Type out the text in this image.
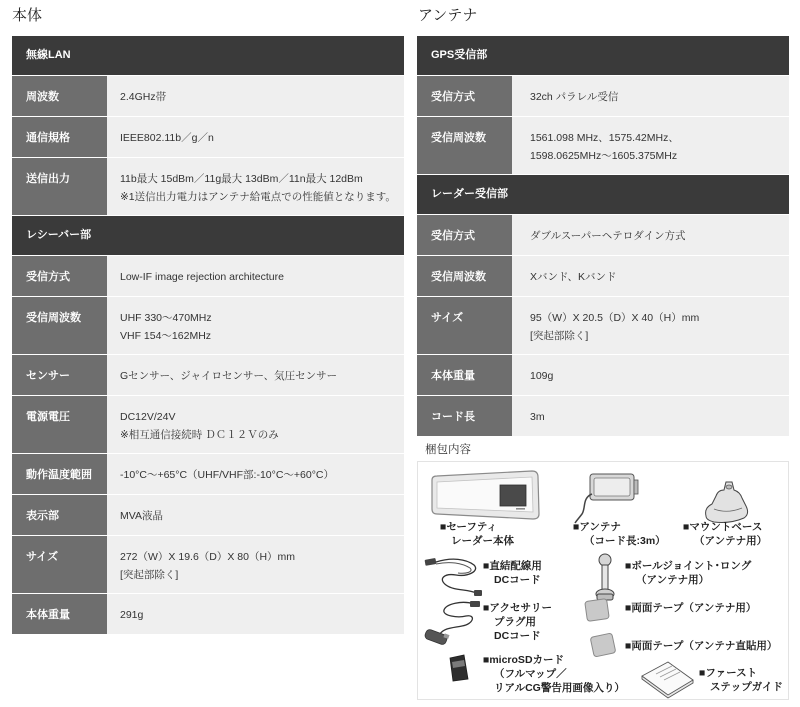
本体
無線LAN
周波数	2.4GHz帯
通信規格	IEEE802.11b／g／n
送信出力	11b最大 15dBm／11g最大 13dBm／11n最大 12dBm
※1送信出力電力はアンテナ給電点での性能値となります。
レシーバー部
受信方式	Low-IF image rejection architecture
受信周波数	UHF 330〜470MHz
VHF 154〜162MHz
センサー	Gセンサー、ジャイロセンサー、気圧センサー
電源電圧	DC12V/24V
※相互通信接続時 ＤＣ１２Ｖのみ
動作温度範囲	-10°C〜+65°C（UHF/VHF部:-10°C〜+60°C）
表示部	MVA液晶
サイズ	272（W）X 19.6（D）X 80（H）mm
[突起部除く]
本体重量	291g
アンテナ
GPS受信部
受信方式	32ch パラレル受信
受信周波数	1561.098 MHz、1575.42MHz、
1598.0625MHz〜1605.375MHz
レーダー受信部
受信方式	ダブルスーパーヘテロダイン方式
受信周波数	Xバンド、Kバンド
サイズ	95（W）X 20.5（D）X 40（H）mm
[突起部除く]
本体重量	109g
コード長	3m
梱包内容
■セーフティ
レーダー本体
■アンテナ
（コード長:3m）
■マウントベース
（アンテナ用）
■直結配線用
DCコード
■ボールジョイント･ロング
（アンテナ用）
■アクセサリー
プラグ用
DCコード
■両面テープ（アンテナ用）
■両面テープ（アンテナ直貼用）
■microSDカード
（フルマップ／
リアルCG警告用画像入り）
■ファースト
ステップガイド
